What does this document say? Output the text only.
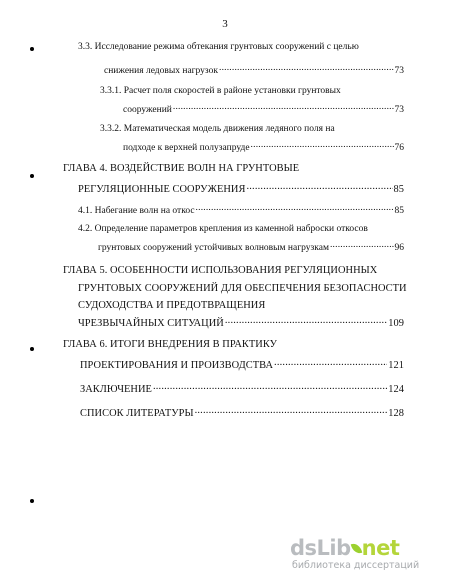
3
3.3. Исследование режима обтекания грунтовых сооружений с целью
снижения ледовых нагрузок .....	73
3.3.1. Расчет поля скоростей в районе установки грунтовых
сооружений .....	73
3.3.2. Математическая модель движения ледяного поля на
подходе к верхней полузапруде .....	76
ГЛАВА 4. ВОЗДЕЙСТВИЕ ВОЛН НА ГРУНТОВЫЕ
РЕГУЛЯЦИОННЫЕ СООРУЖЕНИЯ .....	85
4.1. Набегание волн на откос .....	85
4.2. Определение параметров крепления из каменной наброски откосов
грунтовых сооружений устойчивых волновым нагрузкам .....	96
ГЛАВА 5. ОСОБЕННОСТИ ИСПОЛЬЗОВАНИЯ РЕГУЛЯЦИОННЫХ
ГРУНТОВЫХ СООРУЖЕНИЙ ДЛЯ ОБЕСПЕЧЕНИЯ БЕЗОПАСНОСТИ
СУДОХОДСТВА И ПРЕДОТВРАЩЕНИЯ
ЧРЕЗВЫЧАЙНЫХ СИТУАЦИЙ .....	109
ГЛАВА 6. ИТОГИ ВНЕДРЕНИЯ В ПРАКТИКУ
ПРОЕКТИРОВАНИЯ И ПРОИЗВОДСТВА .....	121
ЗАКЛЮЧЕНИЕ .....	124
СПИСОК ЛИТЕРАТУРЫ .....	128
dsLib net
библиотека диссертаций
